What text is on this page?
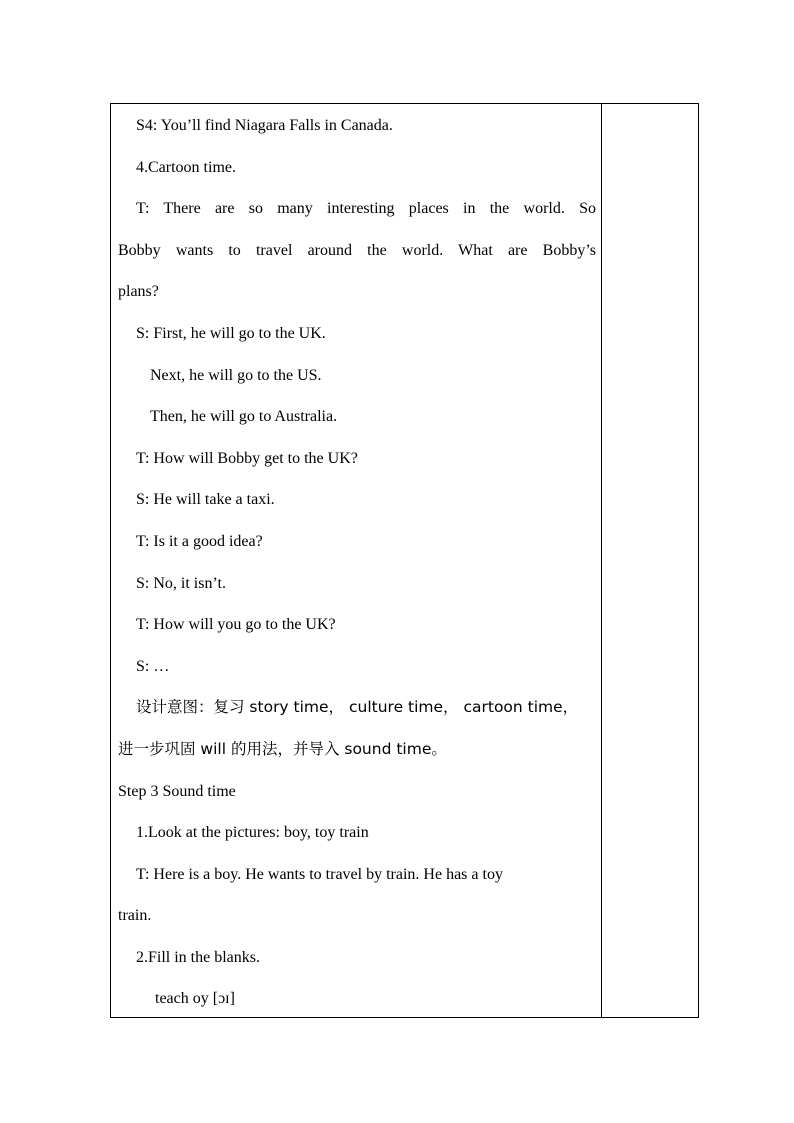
S4: You’ll find Niagara Falls in Canada.
4.Cartoon time.
T: There are so many interesting places in the world. So
Bobby wants to travel around the world. What are Bobby’s
plans?
S: First, he will go to the UK.
Next, he will go to the US.
Then, he will go to Australia.
T: How will Bobby get to the UK?
S: He will take a taxi.
T: Is it a good idea?
S: No, it isn’t.
T: How will you go to the UK?
S: …
设计意图：复习 story time， culture time， cartoon time，
进一步巩固 will 的用法，并导入 sound time。
Step 3 Sound time
1.Look at the pictures: boy, toy train
T: Here is a boy. He wants to travel by train. He has a toy
train.
2.Fill in the blanks.
teach oy [ɔɪ]
